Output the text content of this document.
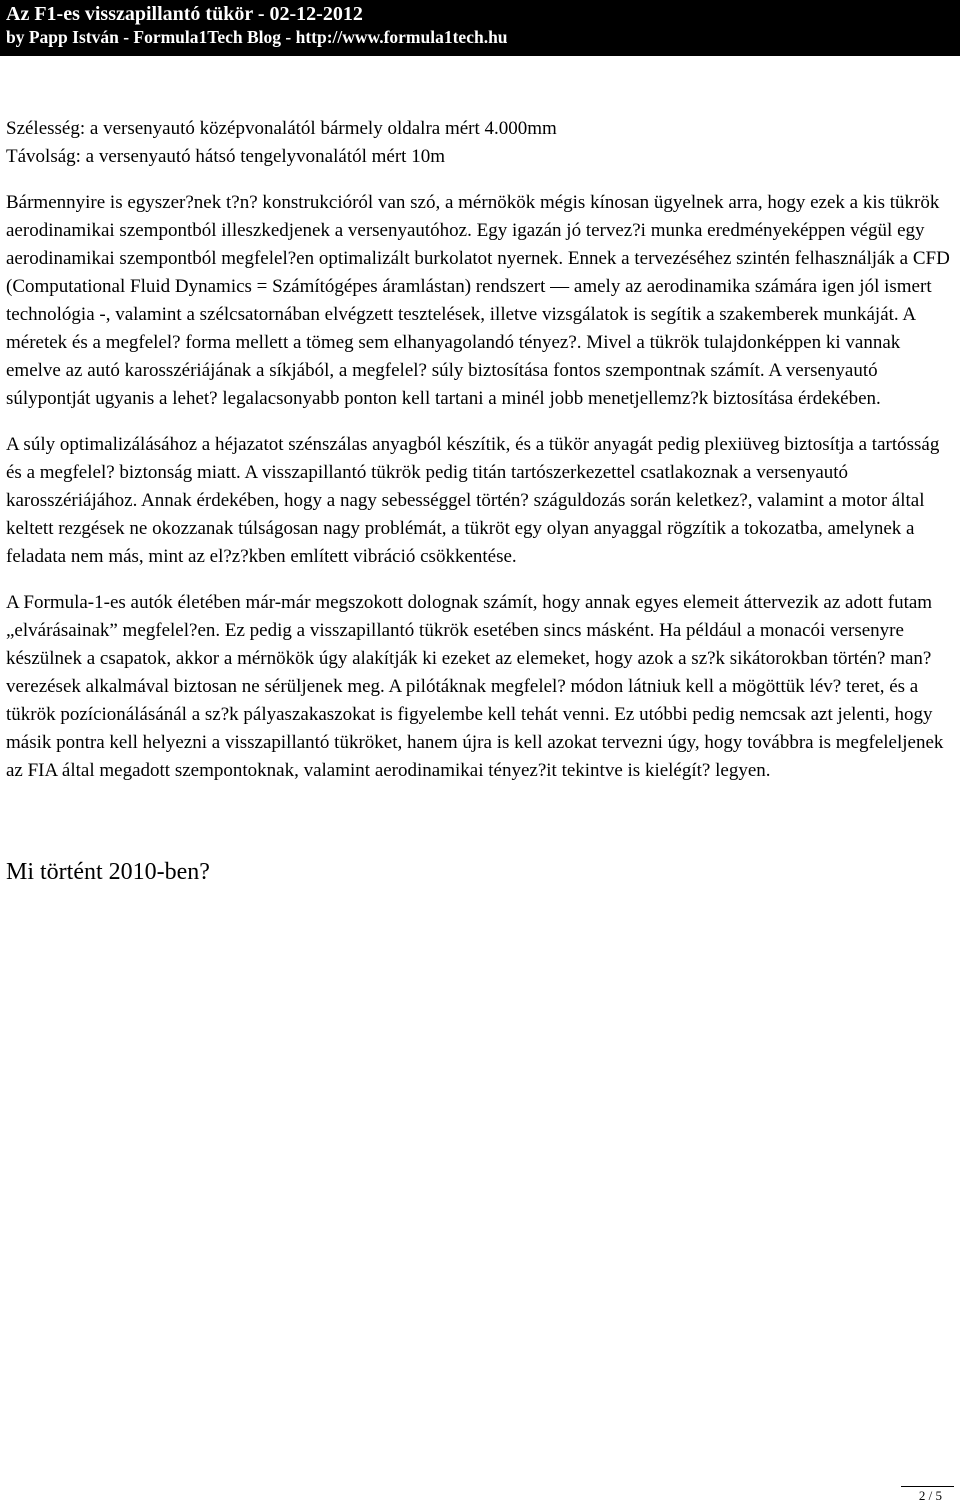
Az F1-es visszapillantó tükör - 02-12-2012

by Papp István - Formula1Tech Blog - http://www.formula1tech.hu

Szélesség: a versenyautó középvonalától bármely oldalra mért 4.000mm

Távolság: a versenyautó hátsó tengelyvonalától mért 10m

Bármennyire is egyszer?nek t?n? konstrukcióról van szó, a mérnökök mégis kínosan ügyelnek arra, hogy ezek a kis tükrök aerodinamikai szempontból illeszkedjenek a versenyautóhoz. Egy igazán jó tervez?i munka eredményeképpen végül egy aerodinamikai szempontból megfelel?en optimalizált burkolatot nyernek. Ennek a tervezéséhez szintén felhasználják a CFD (Computational Fluid Dynamics = Számítógépes áramlástan) rendszert — amely az aerodinamika számára igen jól ismert technológia -, valamint a szélcsatornában elvégzett tesztelések, illetve vizsgálatok is segítik a szakemberek munkáját. A méretek és a megfelel? forma mellett a tömeg sem elhanyagolandó tényez?. Mivel a tükrök tulajdonképpen ki vannak emelve az autó karosszériájának a síkjából, a megfelel? súly biztosítása fontos szempontnak számít. A versenyautó súlypontját ugyanis a lehet? legalacsonyabb ponton kell tartani a minél jobb menetjellemz?k biztosítása érdekében.

A súly optimalizálásához a héjazatot szénszálas anyagból készítik, és a tükör anyagát pedig plexiüveg biztosítja a tartósság és a megfelel? biztonság miatt. A visszapillantó tükrök pedig titán tartószerkezettel csatlakoznak a versenyautó karosszériájához. Annak érdekében, hogy a nagy sebességgel történ? száguldozás során keletkez?, valamint a motor által keltett rezgések ne okozzanak túlságosan nagy problémát, a tükröt egy olyan anyaggal rögzítik a tokozatba, amelynek a feladata nem más, mint az el?z?kben említett vibráció csökkentése.

A Formula-1-es autók életében már-már megszokott dolognak számít, hogy annak egyes elemeit áttervezik az adott futam „elvárásainak” megfelel?en. Ez pedig a visszapillantó tükrök esetében sincs másként. Ha például a monacói versenyre készülnek a csapatok, akkor a mérnökök úgy alakítják ki ezeket az elemeket, hogy azok a sz?k sikátorokban történ? man?verezések alkalmával biztosan ne sérüljenek meg. A pilótáknak megfelel? módon látniuk kell a mögöttük lév? teret, és a tükrök pozícionálásánál a sz?k pályaszakaszokat is figyelembe kell tehát venni. Ez utóbbi pedig nemcsak azt jelenti, hogy másik pontra kell helyezni a visszapillantó tükröket, hanem újra is kell azokat tervezni úgy, hogy továbbra is megfeleljenek az FIA által megadott szempontoknak, valamint aerodinamikai tényez?it tekintve is kielégít? legyen.

Mi történt 2010-ben?
2 / 5
